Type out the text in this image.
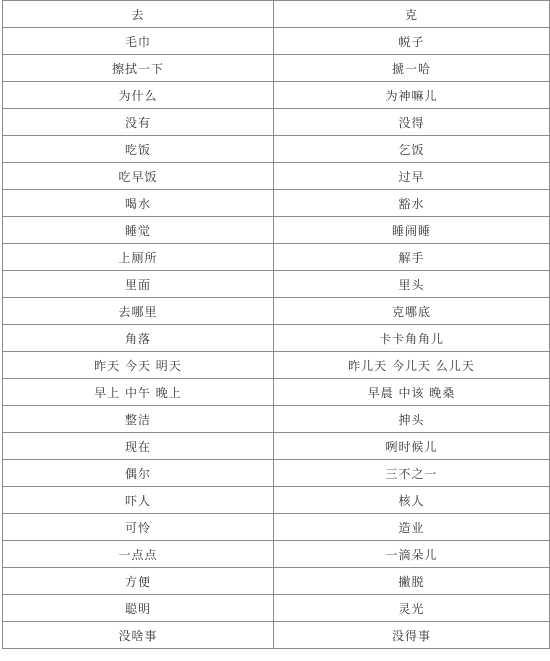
去	克
毛巾	帨子
擦拭一下	搋一哈
为什么	为神嘛儿
没有	没得
吃饭	乞饭
吃早饭	过早
喝水	豁水
睡觉	睡闹睡
上厕所	解手
里面	里头
去哪里	克哪底
角落	卡卡角角儿
昨天 今天 明天	昨儿天 今儿天 么儿天
早上 中午 晚上	早晨 中该 晚桑
整洁	抻头
现在	咧时候儿
偶尔	三不之一
吓人	核人
可怜	造业
一点点	一滴朵儿
方便	撇脱
聪明	灵光
没啥事	没得事
